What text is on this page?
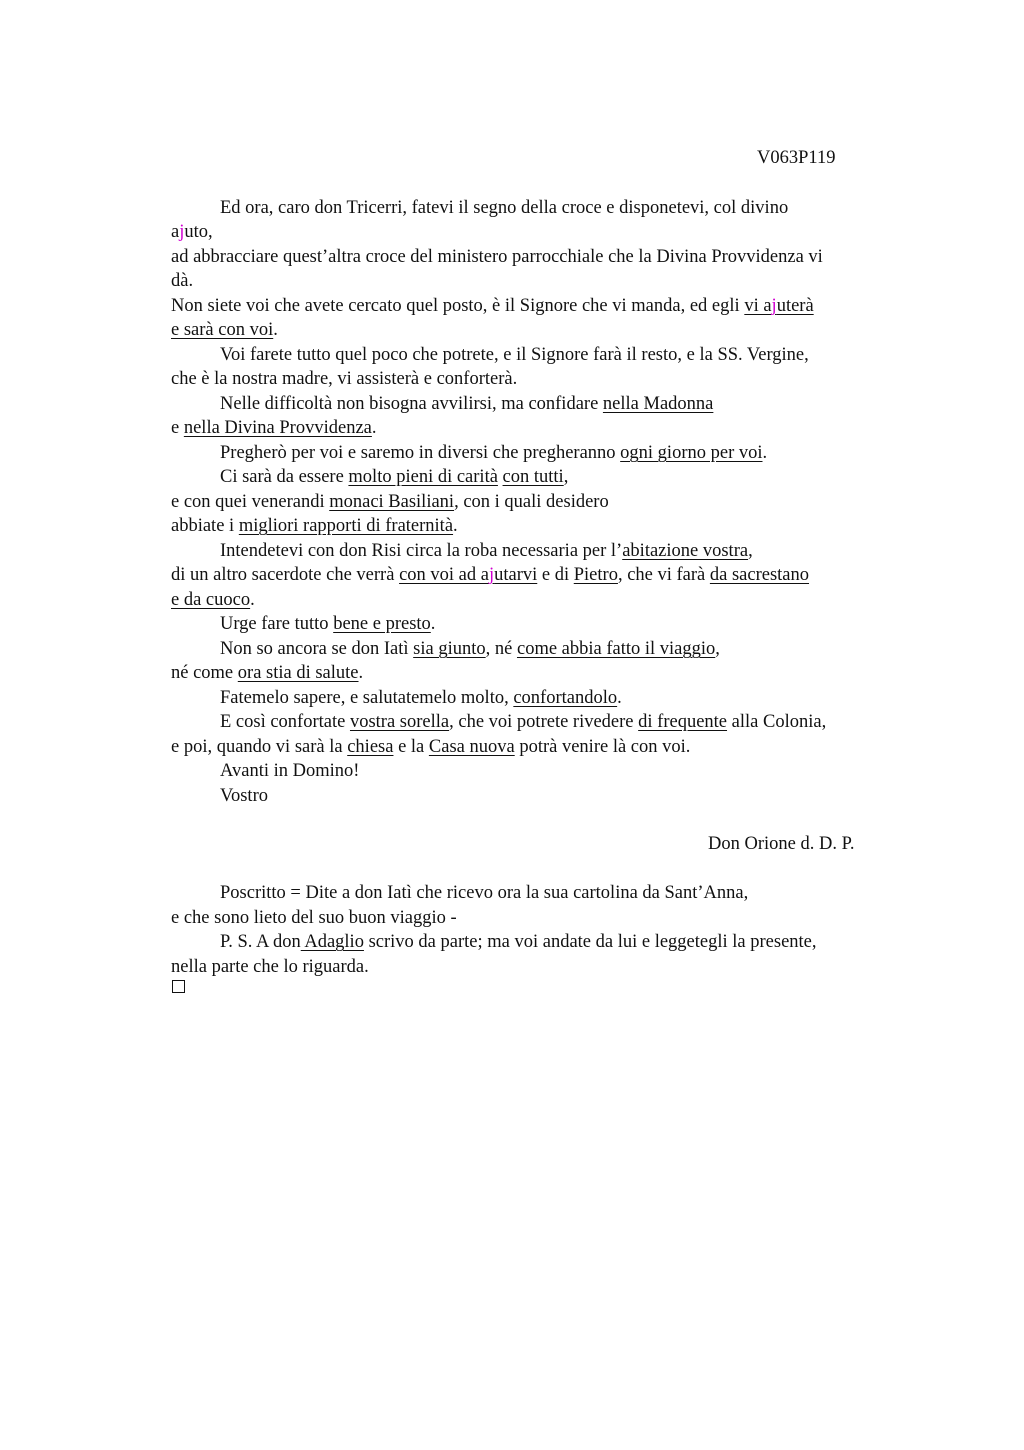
V063P119
Ed ora, caro don Tricerri, fatevi il segno della croce e disponetevi, col divino
ajuto,
ad abbracciare quest’altra croce del ministero parrocchiale che la Divina Provvidenza vi
dà.
Non siete voi che avete cercato quel posto, è il Signore che vi manda, ed egli vi ajuterà
e sarà con voi.
Voi farete tutto quel poco che potrete, e il Signore farà il resto, e la SS. Vergine,
che è la nostra madre, vi assisterà e conforterà.
Nelle difficoltà non bisogna avvilirsi, ma confidare nella Madonna
e nella Divina Provvidenza.
Pregherò per voi e saremo in diversi che pregheranno ogni giorno per voi.
Ci sarà da essere molto pieni di carità con tutti,
e con quei venerandi monaci Basiliani, con i quali desidero
abbiate i migliori rapporti di fraternità.
Intendetevi con don Risi circa la roba necessaria per l’abitazione vostra,
di un altro sacerdote che verrà con voi ad ajutarvi e di Pietro, che vi farà da sacrestano
e da cuoco.
Urge fare tutto bene e presto.
Non so ancora se don Iatì sia giunto, né come abbia fatto il viaggio,
né come ora stia di salute.
Fatemelo sapere, e salutatemelo molto, confortandolo.
E così confortate vostra sorella, che voi potrete rivedere di frequente alla Colonia,
e poi, quando vi sarà la chiesa e la Casa nuova potrà venire là con voi.
Avanti in Domino!
Vostro
Don Orione d. D. P.
Poscritto = Dite a don Iatì che ricevo ora la sua cartolina da Sant’Anna,
e che sono lieto del suo buon viaggio -
P. S. A don Adaglio scrivo da parte; ma voi andate da lui e leggetegli la presente,
nella parte che lo riguarda.
